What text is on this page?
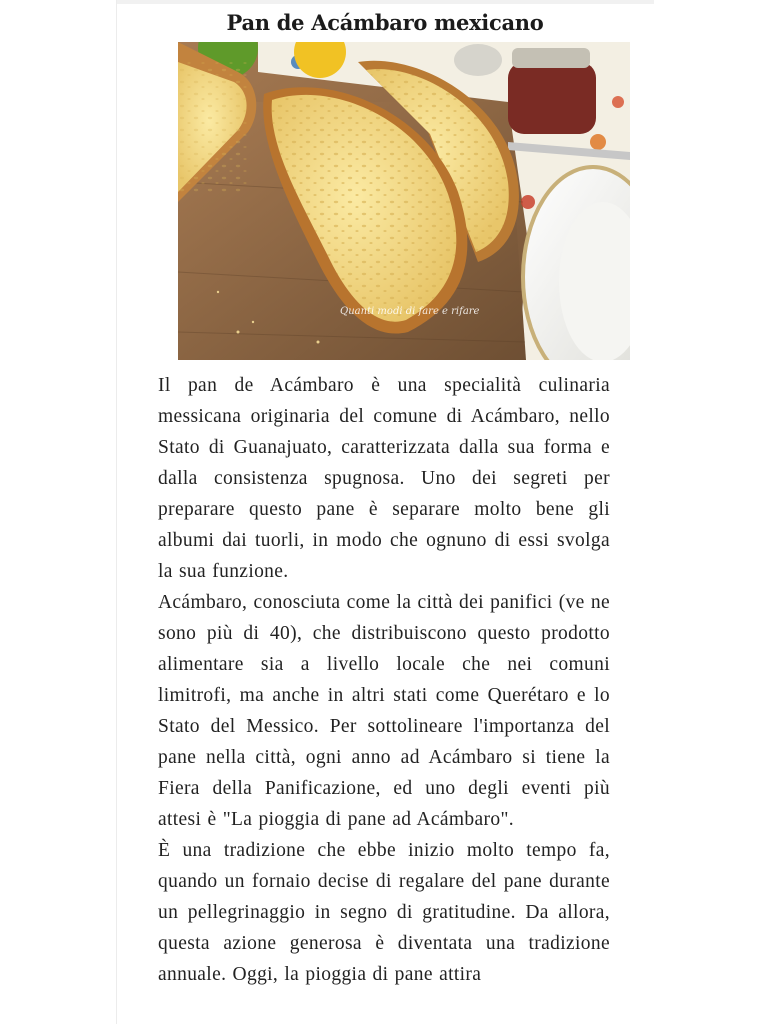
Pan de Acámbaro mexicano
Quanti modi di fare e rifare

Il pan de Acámbaro è una specialità culinaria messicana originaria del comune di Acámbaro, nello Stato di Guanajuato, caratterizzata dalla sua forma e dalla consistenza spugnosa. Uno dei segreti per preparare questo pane è separare molto bene gli albumi dai tuorli, in modo che ognuno di essi svolga la sua funzione.

Acámbaro, conosciuta come la città dei panifici (ve ne sono più di 40), che distribuiscono questo prodotto alimentare sia a livello locale che nei comuni limitrofi, ma anche in altri stati come Querétaro e lo Stato del Messico. Per sottolineare l'importanza del pane nella città, ogni anno ad Acámbaro si tiene la Fiera della Panificazione, ed uno degli eventi più attesi è "La pioggia di pane ad Acámbaro".

È una tradizione che ebbe inizio molto tempo fa, quando un fornaio decise di regalare del pane durante un pellegrinaggio in segno di gratitudine. Da allora, questa azione generosa è diventata una tradizione annuale. Oggi, la pioggia di pane attira
